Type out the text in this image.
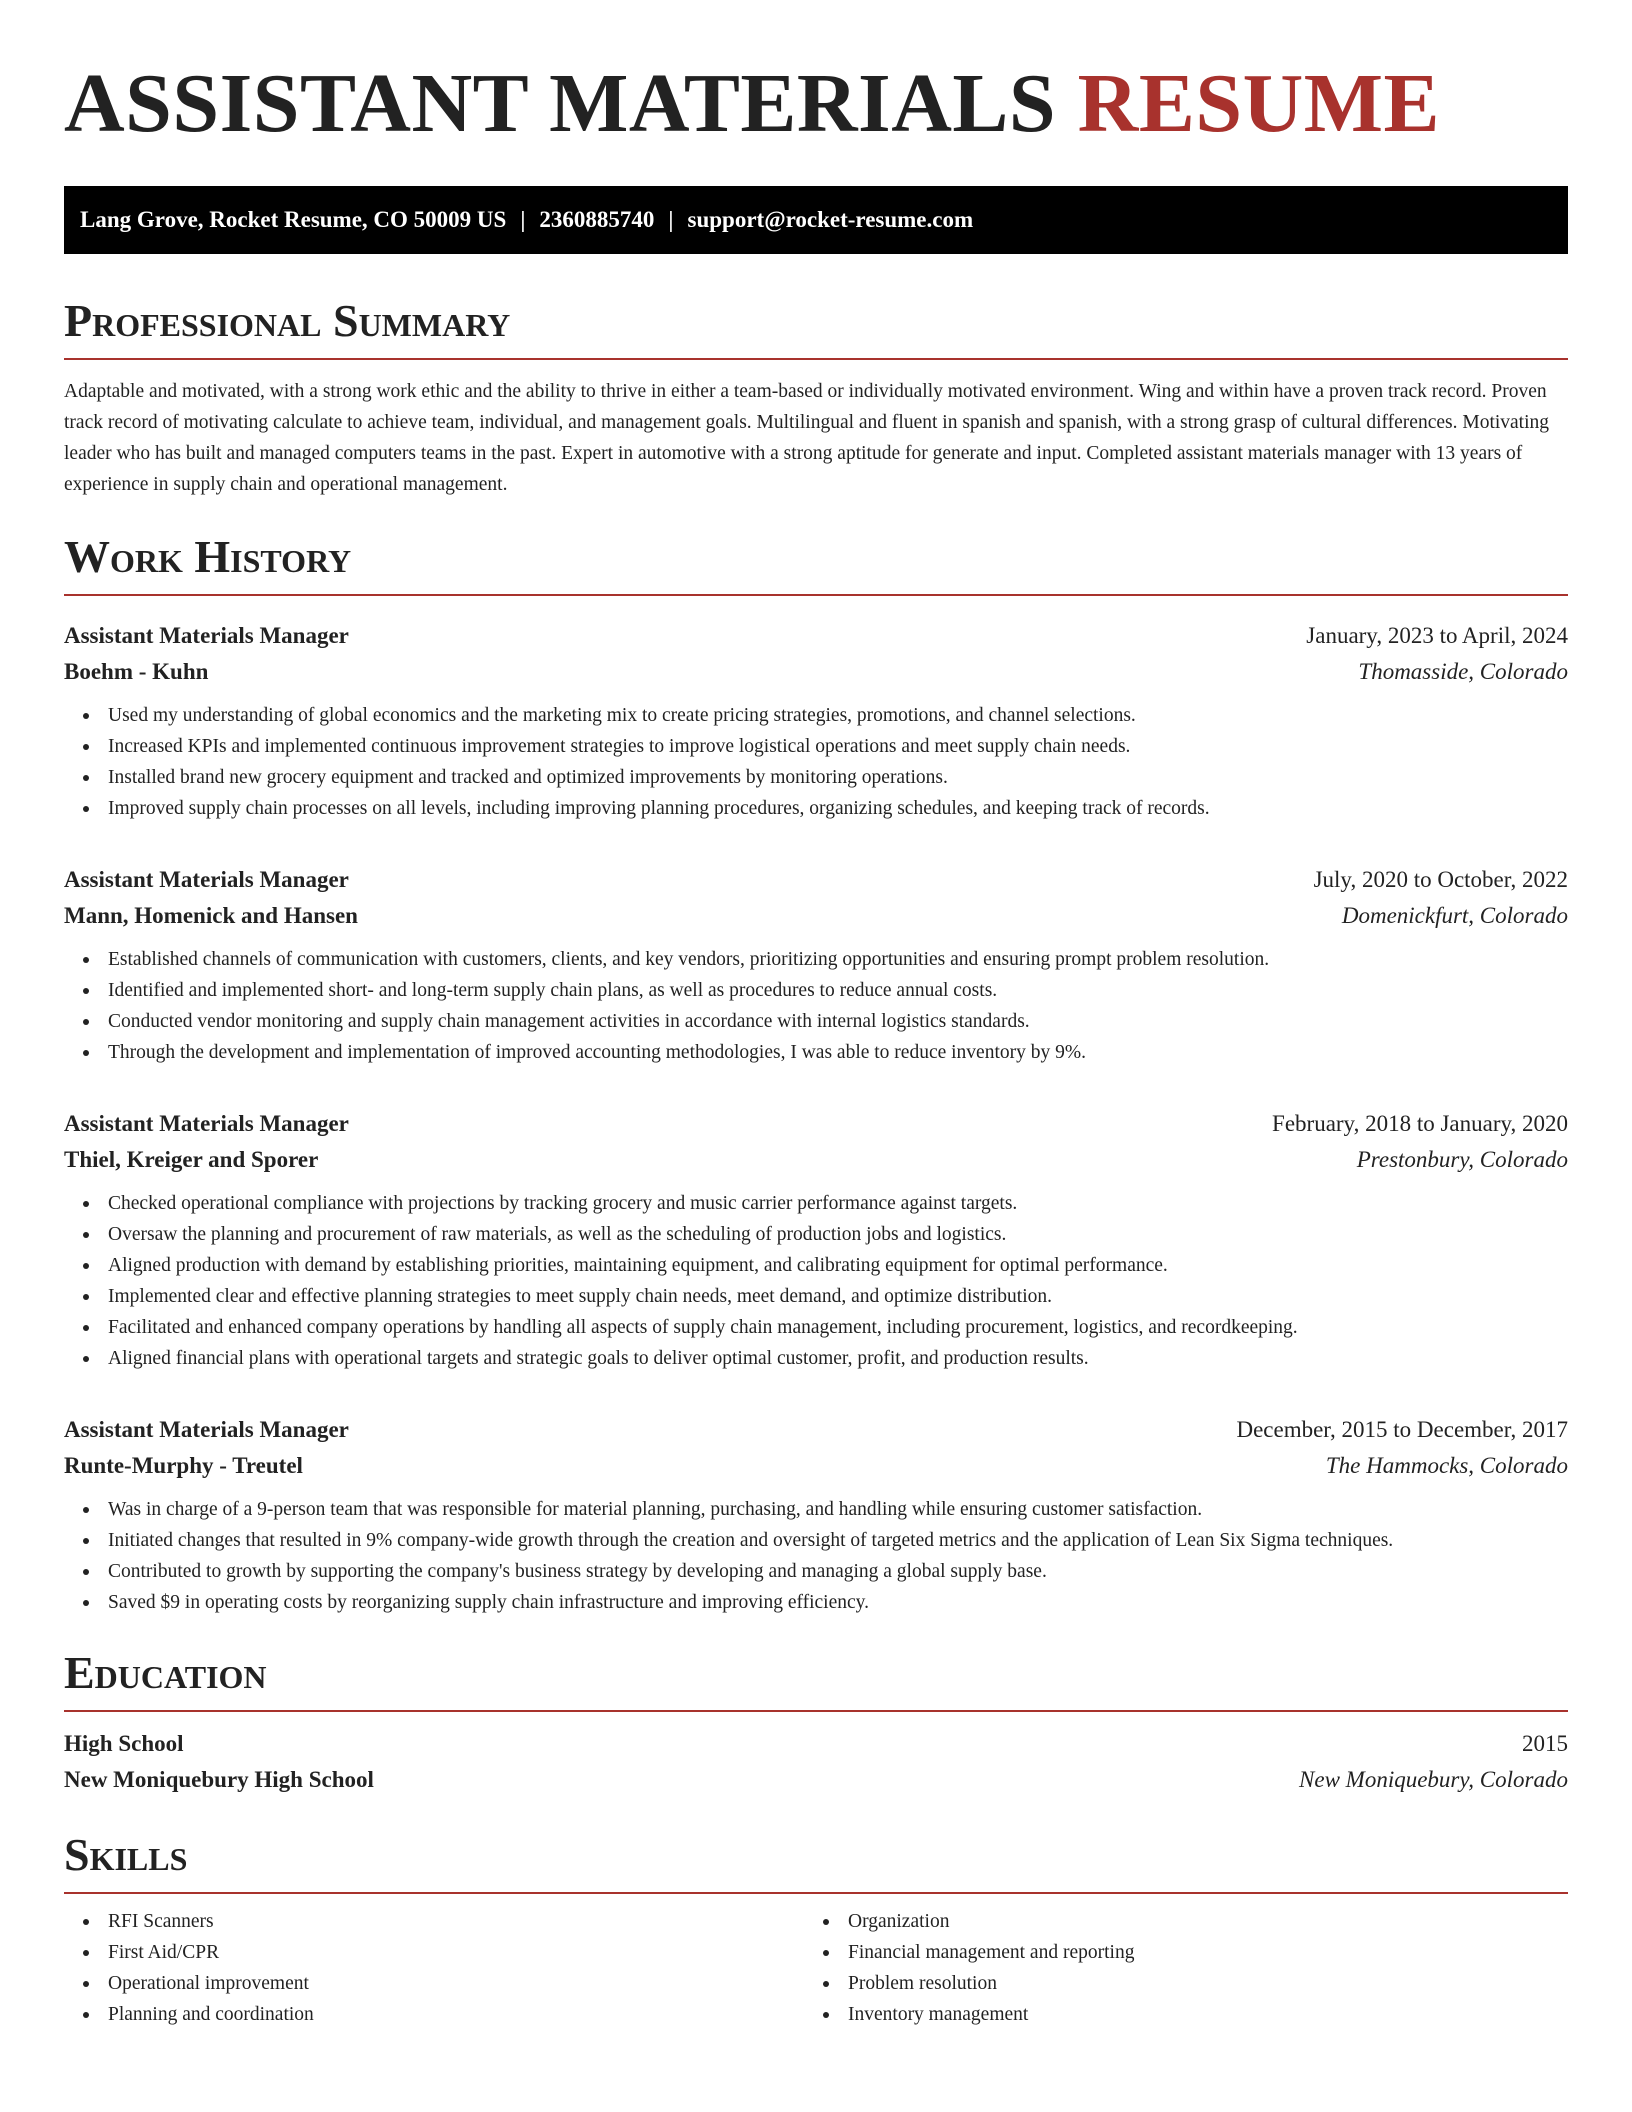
ASSISTANT MATERIALS RESUME
Lang Grove, Rocket Resume, CO 50009 US | 2360885740 | support@rocket-resume.com
Professional Summary

Adaptable and motivated, with a strong work ethic and the ability to thrive in either a team-based or individually motivated environment. Wing and within have a proven track record. Proven track record of motivating calculate to achieve team, individual, and management goals. Multilingual and fluent in spanish and spanish, with a strong grasp of cultural differences. Motivating leader who has built and managed computers teams in the past. Expert in automotive with a strong aptitude for generate and input. Completed assistant materials manager with 13 years of experience in supply chain and operational management.

Work History
Assistant Materials Manager	January, 2023 to April, 2024
Boehm - Kuhn	Thomasside, Colorado
Used my understanding of global economics and the marketing mix to create pricing strategies, promotions, and channel selections.
Increased KPIs and implemented continuous improvement strategies to improve logistical operations and meet supply chain needs.
Installed brand new grocery equipment and tracked and optimized improvements by monitoring operations.
Improved supply chain processes on all levels, including improving planning procedures, organizing schedules, and keeping track of records.
Assistant Materials Manager	July, 2020 to October, 2022
Mann, Homenick and Hansen	Domenickfurt, Colorado
Established channels of communication with customers, clients, and key vendors, prioritizing opportunities and ensuring prompt problem resolution.
Identified and implemented short- and long-term supply chain plans, as well as procedures to reduce annual costs.
Conducted vendor monitoring and supply chain management activities in accordance with internal logistics standards.
Through the development and implementation of improved accounting methodologies, I was able to reduce inventory by 9%.
Assistant Materials Manager	February, 2018 to January, 2020
Thiel, Kreiger and Sporer	Prestonbury, Colorado
Checked operational compliance with projections by tracking grocery and music carrier performance against targets.
Oversaw the planning and procurement of raw materials, as well as the scheduling of production jobs and logistics.
Aligned production with demand by establishing priorities, maintaining equipment, and calibrating equipment for optimal performance.
Implemented clear and effective planning strategies to meet supply chain needs, meet demand, and optimize distribution.
Facilitated and enhanced company operations by handling all aspects of supply chain management, including procurement, logistics, and recordkeeping.
Aligned financial plans with operational targets and strategic goals to deliver optimal customer, profit, and production results.
Assistant Materials Manager	December, 2015 to December, 2017
Runte-Murphy - Treutel	The Hammocks, Colorado
Was in charge of a 9-person team that was responsible for material planning, purchasing, and handling while ensuring customer satisfaction.
Initiated changes that resulted in 9% company-wide growth through the creation and oversight of targeted metrics and the application of Lean Six Sigma techniques.
Contributed to growth by supporting the company's business strategy by developing and managing a global supply base.
Saved $9 in operating costs by reorganizing supply chain infrastructure and improving efficiency.
Education
High School	2015
New Moniquebury High School	New Moniquebury, Colorado
Skills
RFI Scanners
First Aid/CPR
Operational improvement
Planning and coordination
Organization
Financial management and reporting
Problem resolution
Inventory management
